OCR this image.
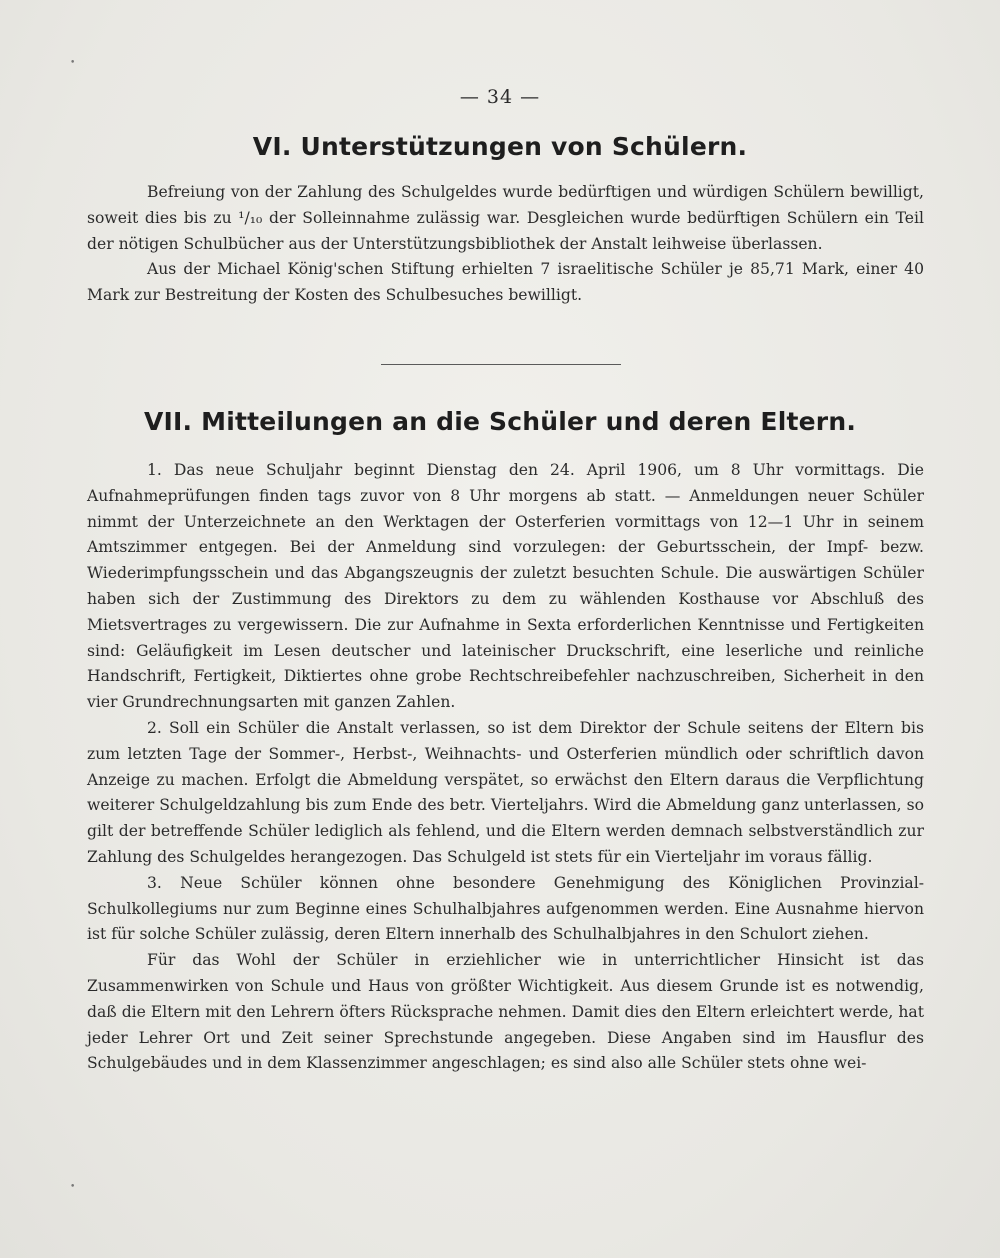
•
•
— 34 —
VI. Unterstützungen von Schülern.

Befreiung von der Zahlung des Schulgeldes wurde bedürftigen und würdigen Schülern bewilligt, soweit dies bis zu ¹/₁₀ der Solleinnahme zulässig war. Desgleichen wurde bedürftigen Schülern ein Teil der nötigen Schulbücher aus der Unterstützungsbibliothek der Anstalt leihweise überlassen.

Aus der Michael König'schen Stiftung erhielten 7 israelitische Schüler je 85,71 Mark, einer 40 Mark zur Bestreitung der Kosten des Schulbesuches bewilligt.

VII. Mitteilungen an die Schüler und deren Eltern.

1. Das neue Schuljahr beginnt Dienstag den 24. April 1906, um 8 Uhr vormittags. Die Aufnahmeprüfungen finden tags zuvor von 8 Uhr morgens ab statt. — Anmeldungen neuer Schüler nimmt der Unterzeichnete an den Werktagen der Osterferien vormittags von 12—1 Uhr in seinem Amtszimmer entgegen. Bei der Anmeldung sind vorzulegen: der Geburtsschein, der Impf- bezw. Wiederimpfungsschein und das Abgangszeugnis der zuletzt besuchten Schule. Die auswärtigen Schüler haben sich der Zustimmung des Direktors zu dem zu wählenden Kosthause vor Abschluß des Mietsvertrages zu vergewissern. Die zur Aufnahme in Sexta erforderlichen Kenntnisse und Fertigkeiten sind: Geläufigkeit im Lesen deutscher und lateinischer Druckschrift, eine leserliche und reinliche Handschrift, Fertigkeit, Diktiertes ohne grobe Rechtschreibefehler nachzuschreiben, Sicherheit in den vier Grundrechnungsarten mit ganzen Zahlen.

2. Soll ein Schüler die Anstalt verlassen, so ist dem Direktor der Schule seitens der Eltern bis zum letzten Tage der Sommer-, Herbst-, Weihnachts- und Osterferien mündlich oder schriftlich davon Anzeige zu machen. Erfolgt die Abmeldung verspätet, so erwächst den Eltern daraus die Verpflichtung weiterer Schulgeldzahlung bis zum Ende des betr. Vierteljahrs. Wird die Abmeldung ganz unterlassen, so gilt der betreffende Schüler lediglich als fehlend, und die Eltern werden demnach selbstverständlich zur Zahlung des Schulgeldes herangezogen. Das Schulgeld ist stets für ein Vierteljahr im voraus fällig.

3. Neue Schüler können ohne besondere Genehmigung des Königlichen Provinzial-Schulkollegiums nur zum Beginne eines Schulhalbjahres aufgenommen werden. Eine Ausnahme hiervon ist für solche Schüler zulässig, deren Eltern innerhalb des Schulhalbjahres in den Schulort ziehen.

Für das Wohl der Schüler in erziehlicher wie in unterrichtlicher Hinsicht ist das Zusammenwirken von Schule und Haus von größter Wichtigkeit. Aus diesem Grunde ist es notwendig, daß die Eltern mit den Lehrern öfters Rücksprache nehmen. Damit dies den Eltern erleichtert werde, hat jeder Lehrer Ort und Zeit seiner Sprechstunde angegeben. Diese Angaben sind im Hausflur des Schulgebäudes und in dem Klassenzimmer angeschlagen; es sind also alle Schüler stets ohne wei-
